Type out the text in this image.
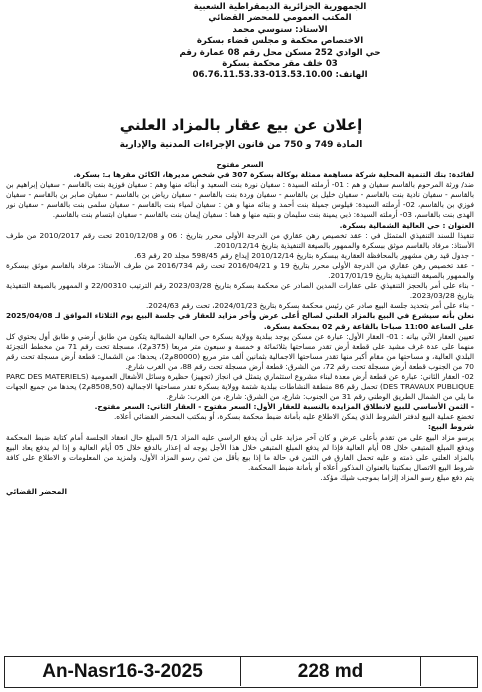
الجمهورية الجزائرية الديمقراطية الشعبية
المكتب العمومي للمحضر القضائي
الأستاذ: سنوسي محمد
الاختصاص محكمة و مجلس قضاء بسكرة
حي الوادي 252 مسكن محل رقم 08 عمارة رقم
03 خلف مقر محكمة بسكرة
الهاتف: 013.53.10.00-06.76.11.53.33
إعلان عن بيع عقار بالمزاد العلني
المادة 749 و 750 من قانون الإجراءات المدنية والإدارية

السعر مفتوح

لفائدة: بنك التنمية المحلية شركة مساهمة ممثلة بوكالة بسكرة 307 في شخص مديرها، الكائن مقرها بـ: بسكرة.

ضد/ ورثة المرحوم بالقاسم سفيان و هم : 01- أرملته السيدة : سفيان نورة بنت السعيد و أبنائه منها وهم : سفيان فوزية بنت بالقاسم - سفيان إبراهيم بن بالقاسم - سفيان نادية بنت بالقاسم - سفيان خليل بن بالقاسم - سفيان وردة بنت بالقاسم - سفيان رياض بن بالقاسم - سفيان صابر بن بالقاسم - سفيان فوزي بن بالقاسم، 02- أرملته السيدة: فيلوس جميلة بنت أحمد و بنائه منها و هن : سفيان لمياء بنت بالقاسم - سفيان سلمى بنت بالقاسم - سفيان نور الهدى بنت بالقاسم، 03- أرملته السيدة: ذبي يمينة بنت سليمان و بنتيه منها و هما : سفيان إيمان بنت بالقاسم - سفيان ابتسام بنت بالقاسم.

العنوان : حي العالية الشمالية بسكرة.

تنفيذا للسند التنفيذي المتمثل في : عقد تخصيص رهن عقاري من الدرجة الأولى محرر بتاريخ : 06 و 2010/12/08 تحت رقم 2010/2017 من طرف الأستاذ: مرفاد بالقاسم موثق ببسكرة والممهور بالصيغة التنفيذية بتاريخ 2010/12/14.

- جدول قيد رهن مشهور بالمحافظة العقارية ببسكرة بتاريخ 2010/12/14 إيداع رقم 598/45 مجلد 20 رقم 63.

- عقد تخصيص رهن عقاري من الدرجة الأولى محرر بتاريخ 19 و 2016/04/21 تحت رقم 2016/734 من طرف الأستاذ: مرفاد بالقاسم موثق ببسكرة والممهور بالصيغة التنفيذية بتاريخ 2017/01/19.

- بناء على أمر بالحجز التنفيذي على عقارات المدين الصادر عن محكمة بسكرة بتاريخ 2023/03/28 رقم الترتيب 22/00310 و الممهور بالصيغة التنفيذية بتاريخ 2023/03/28.

- بناء على أمر بتحديد جلسة البيع صادر عن رئيس محكمة بسكرة بتاريخ 2024/01/23، تحت رقم 2024/63.

نعلن بأنه سيشرع في البيع بالمزاد العلني لصالح أعلى عرض وأخر مزايد للعقار في جلسة البيع يوم الثلاثاء الموافق لـ 2025/04/08 على الساعة 11:00 صباحا بالقاعة رقم 02 بمحكمة بسكرة.

تعيين العقار الآتي بيانه : 01- العقار الأول: عبارة عن مسكن يوجد ببلدية وولاية بسكرة حي العالية الشمالية يتكون من طابق أرضي و طابق أول يحتوي كل منهما على عدة غرف مشيد على قطعة أرض تقدر مساحتها بثلاثمائة و خمسة و سبعون متر مربعا (375م2)، مسجلة تحت رقم 71 من مخطط التجزئة البلدي العالية، و مساحتها من مقام أكبر منها تقدر مساحتها الاجمالية بثمانين ألف متر مربع (80000م2)، يحدها: من الشمال: قطعة أرض مسجلة تحت رقم 70 من الجنوب قطعة أرض مسجلة تحت رقم 72، من الشرق: قطعة أرض مسجلة تحت رقم 88، من الغرب شارع.

02- العقار الثاني: عبارة عن قطعة أرض معدة لبناء مشروع استثماري يتمثل في انجاز (تجهيز) حظيرة وسائل الأشغال العمومية (PARC DES MATERIELS DES TRAVAUX PUBLIQUE) تحمل رقم 86 منطقة النشاطات ببلدية شتمة وولاية بسكرة تقدر مساحتها الاجمالية (8508,50م2) يحدها من جميع الجهات ما يلي من الشمال الطريق الوطني رقم 31 من الجنوب: شارع، من الشرق: شارع، من الغرب: شارع.

- الثمن الأساسي للبيع لانطلاق المزايدة بالنسبة للعقار الأول: السعر مفتوح - العقار الثاني: السعر مفتوح.

تخضع عملية البيع لدفتر الشروط الذي يمكن الاطلاع عليه بأمانة ضبط محكمة بسكرة، أو بمكتب المحضر القضائي أعلاه.

شروط البيع:

يرسو مزاد البيع على من تقدم بأعلى عرض و كان آخر مزايد على أن يدفع الراسي عليه المزاد 5/1 المبلغ حال انعقاد الجلسة أمام كتابة ضبط المحكمة ويدفع المبلغ المتبقي خلال 08 أيام العالية فإذا لم يدفع المبلغ المتبقي خلال هذا الأجل يوجه له إعذار بالدفع خلال 05 أيام العالية و إذا لم يدفع يعاد البيع بالمزاد العلني على ذمته و عليه تحمل الفارق في الثمن في حالة ما إذا بيع بأقل من ثمن رسو المزاد الأول، ولمزيد من المعلومات و الاطلاع على كافة شروط البيع الاتصال بمكتبنا بالعنوان المذكور أعلاه أو بأمانة ضبط المحكمة.

يتم دفع مبلغ رسو المزاد إلزاما بموجب شيك مؤكد.

المحضر القضائي

An-Nasr16-3-2025	228 md
